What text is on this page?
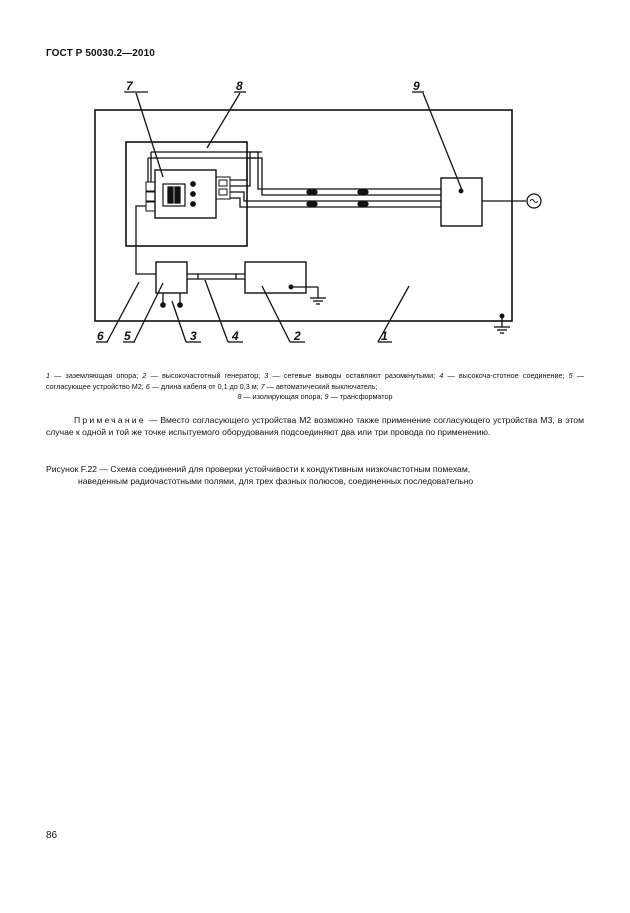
ГОСТ Р 50030.2—2010
7	8	9
6 5	3	4	2	1
1 — заземляющая опора; 2 — высокочастотный генератор; 3 — сетевые выводы оставляют разомкнутыми; 4 — высокоча-стотное соединение; 5 — согласующее устройство М2; 6 — длина кабеля от 0,1 до 0,3 м; 7 — автоматический выключатель;
8 — изолирующая опора; 9 — трансформатор
Примечание — Вместо согласующего устройства М2 возможно также применение согласующего устройства М3, в этом случае к одной и той же точке испытуемого оборудования подсоединяют два или три провода по применению.
Рисунок F.22 — Схема соединений для проверки устойчивости к кондуктивным низкочастотным помехам,
наведенным радиочастотными полями, для трех фазных полюсов, соединенных последовательно
86
